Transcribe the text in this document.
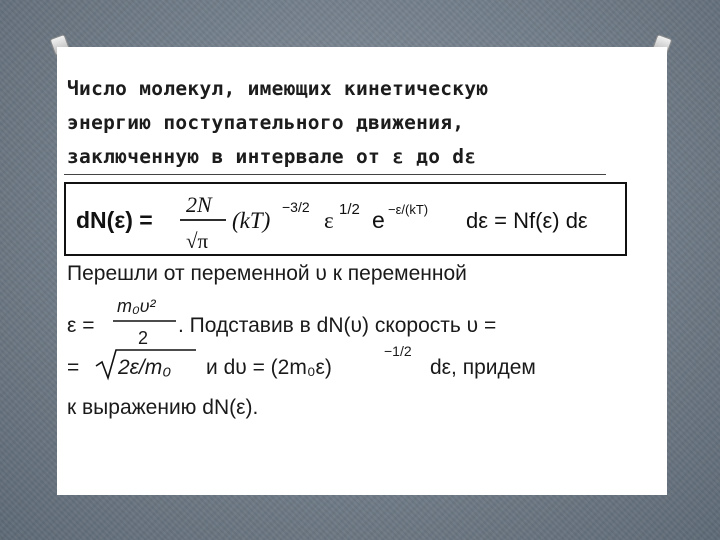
Число молекул, имеющих кинетическую
энергию поступательного движения,
заключенную в интервале от ε до dε
dN(ε) =
2N
√π
(kT)
−3/2
ε 1/2 e −ε/(kT) dε = Nf(ε) dε
Перешли от переменной υ к переменной
ε =
m₀υ²
2
. Подставив в dN(υ) скорость υ =
= 2ε/m₀ и dυ = (2m₀ε)
−1/2
dε, придем
к выражению dN(ε).
